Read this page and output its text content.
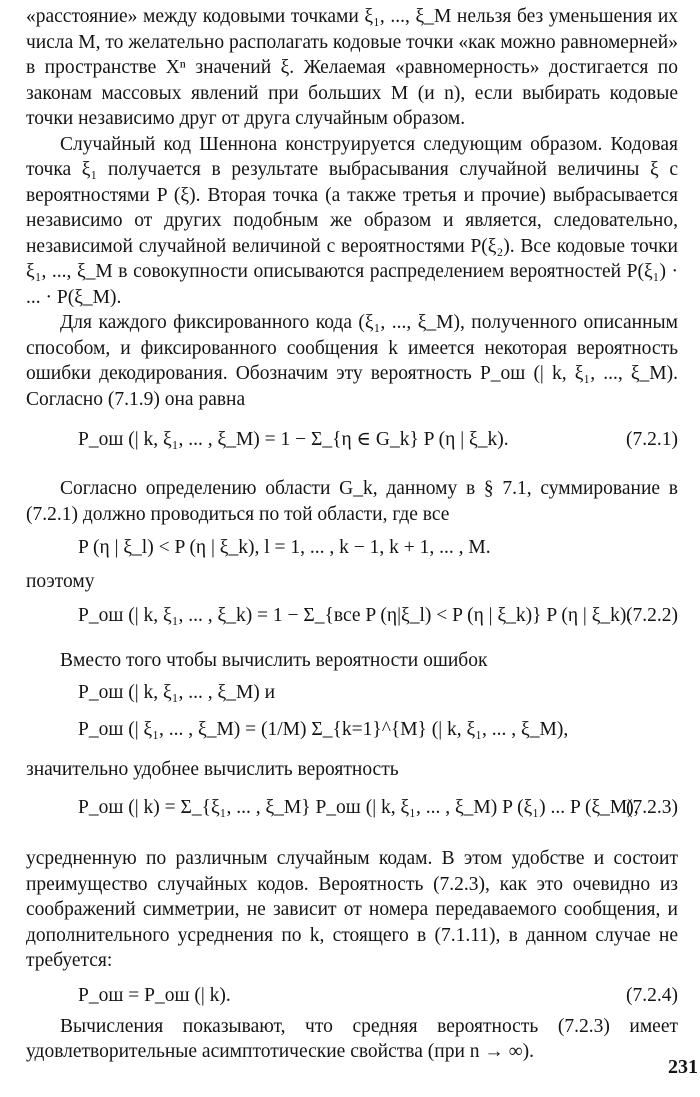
«расстояние» между кодовыми точками ξ₁, ..., ξ_M нельзя без уменьшения их числа M, то желательно располагать кодовые точки «как можно равномерней» в пространстве Xⁿ значений ξ. Желаемая «равномерность» достигается по законам массовых явлений при больших M (и n), если выбирать кодовые точки независимо друг от друга случайным образом.

Случайный код Шеннона конструируется следующим образом. Кодовая точка ξ₁ получается в результате выбрасывания случайной величины ξ с вероятностями P (ξ). Вторая точка (а также третья и прочие) выбрасывается независимо от других подобным же образом и является, следовательно, независимой случайной величиной с вероятностями P(ξ₂). Все кодовые точки ξ₁, ..., ξ_M в совокупности описываются распределением вероятностей P(ξ₁) · ... · P(ξ_M).

Для каждого фиксированного кода (ξ₁, ..., ξ_M), полученного описанным способом, и фиксированного сообщения k имеется некоторая вероятность ошибки декодирования. Обозначим эту вероятность P_ош (| k, ξ₁, ..., ξ_M). Согласно (7.1.9) она равна

P_ош (| k, ξ₁, ... , ξ_M) = 1 − Σ_{η ∈ G_k} P (η | ξ_k).	(7.2.1)

Согласно определению области G_k, данному в § 7.1, суммирование в (7.2.1) должно проводиться по той области, где все

P (η | ξ_l) < P (η | ξ_k), l = 1, ... , k − 1, k + 1, ... , M.

поэтому

P_ош (| k, ξ₁, ... , ξ_k) = 1 − Σ_{все P (η|ξ_l) < P (η | ξ_k)} P (η | ξ_k).
(7.2.2)

Вместо того чтобы вычислить вероятности ошибок

P_ош (| k, ξ₁, ... , ξ_M) и
P_ош (| ξ₁, ... , ξ_M) = (1/M) Σ_{k=1}^{M} (| k, ξ₁, ... , ξ_M),

значительно удобнее вычислить вероятность

P_ош (| k) = Σ_{ξ₁, ... , ξ_M} P_ош (| k, ξ₁, ... , ξ_M) P (ξ₁) ... P (ξ_M),
(7.2.3)

усредненную по различным случайным кодам. В этом удобстве и состоит преимущество случайных кодов. Вероятность (7.2.3), как это очевидно из соображений симметрии, не зависит от номера передаваемого сообщения, и дополнительного усреднения по k, стоящего в (7.1.11), в данном случае не требуется:

P_ош = P_ош (| k).	(7.2.4)

Вычисления показывают, что средняя вероятность (7.2.3) имеет удовлетворительные асимптотические свойства (при n → ∞).

231
